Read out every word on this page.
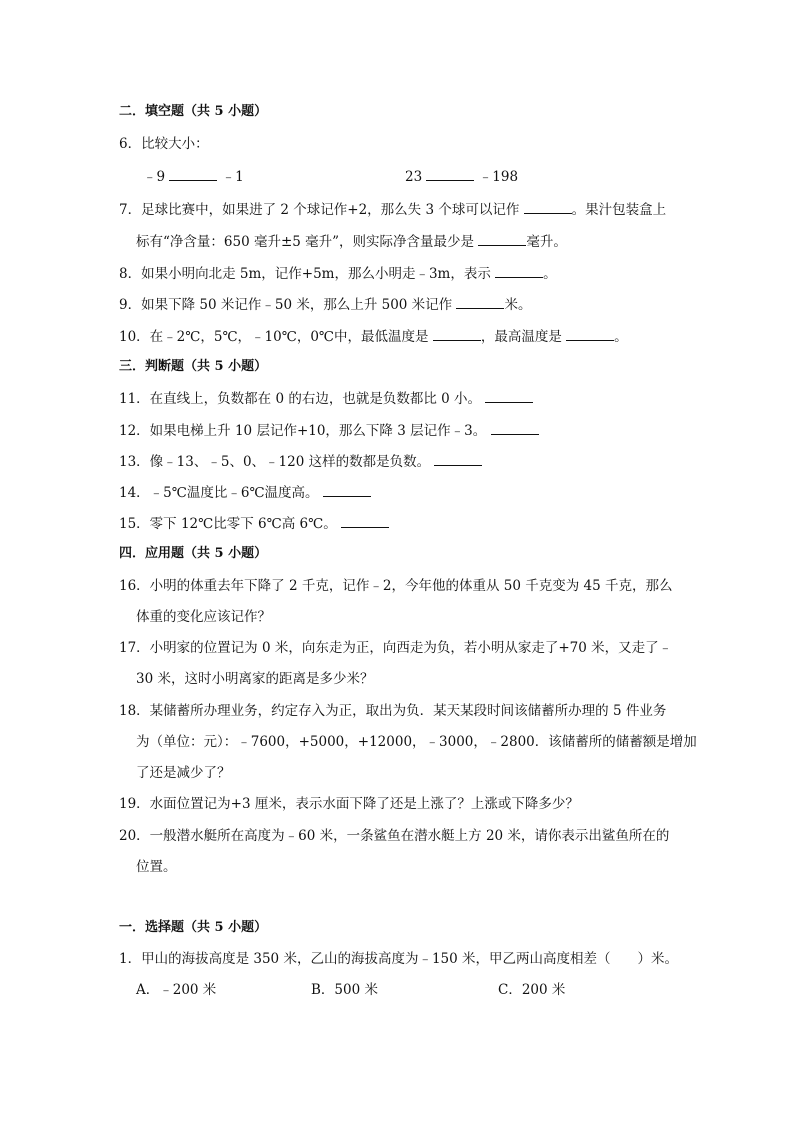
二．填空题（共 5 小题）
6．比较大小：
﹣9	﹣1	23	﹣198
7．足球比赛中，如果进了 2 个球记作+2，那么失 3 个球可以记作	。果汁包装盒上
标有“净含量：650 毫升±5 毫升”，则实际净含量最少是	毫升。
8．如果小明向北走 5m，记作+5m，那么小明走﹣3m，表示	。
9．如果下降 50 米记作﹣50 米，那么上升 500 米记作	米。
10．在﹣2℃，5℃，﹣10℃，0℃中，最低温度是	，最高温度是	。
三．判断题（共 5 小题）
11．在直线上，负数都在 0 的右边，也就是负数都比 0 小。
12．如果电梯上升 10 层记作+10，那么下降 3 层记作﹣3。
13．像﹣13、﹣5、0、﹣120 这样的数都是负数。
14．﹣5℃温度比﹣6℃温度高。
15．零下 12℃比零下 6℃高 6℃。
四．应用题（共 5 小题）
16．小明的体重去年下降了 2 千克，记作﹣2，今年他的体重从 50 千克变为 45 千克，那么
体重的变化应该记作？
17．小明家的位置记为 0 米，向东走为正，向西走为负，若小明从家走了+70 米，又走了﹣
30 米，这时小明离家的距离是多少米？
18．某储蓄所办理业务，约定存入为正，取出为负．某天某段时间该储蓄所办理的 5 件业务
为（单位：元）：﹣7600，+5000，+12000，﹣3000，﹣2800．该储蓄所的储蓄额是增加
了还是减少了？
19．水面位置记为+3 厘米，表示水面下降了还是上涨了？上涨或下降多少？
20．一般潜水艇所在高度为﹣60 米，一条鲨鱼在潜水艇上方 20 米，请你表示出鲨鱼所在的
位置。
一．选择题（共 5 小题）
1．甲山的海拔高度是 350 米，乙山的海拔高度为﹣150 米，甲乙两山高度相差（　　）米。
A．﹣200 米	B．500 米	C．200 米
